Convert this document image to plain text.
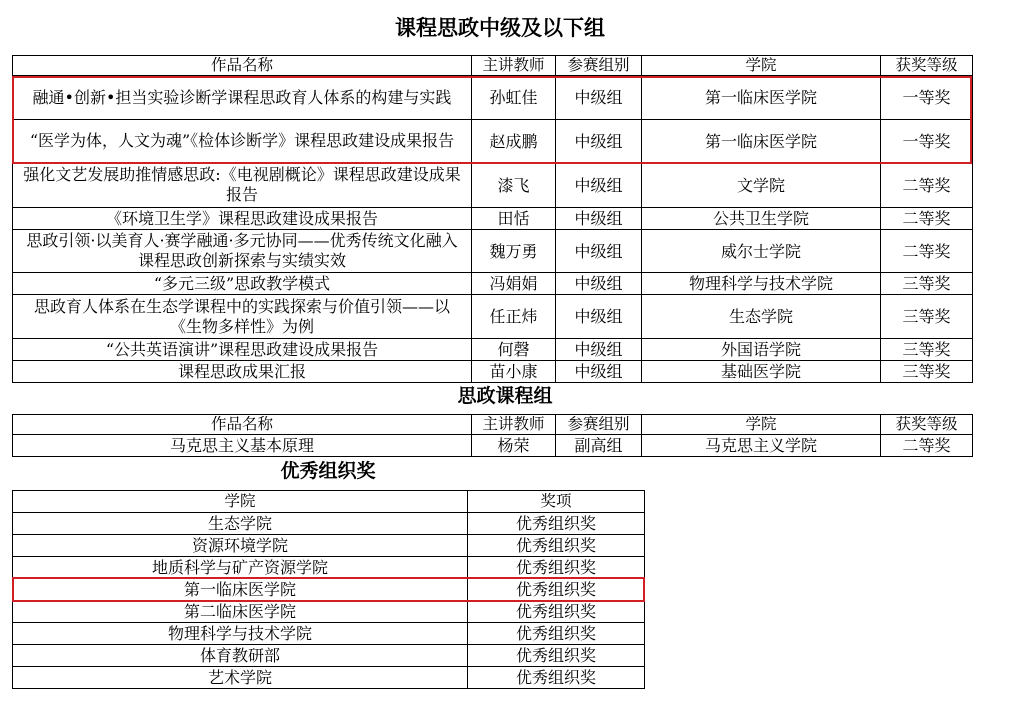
课程思政中级及以下组
作品名称	主讲教师	参赛组别	学院	获奖等级
融通•创新•担当实验诊断学课程思政育人体系的构建与实践	孙虹佳	中级组	第一临床医学院	一等奖
“医学为体，人文为魂”《检体诊断学》课程思政建设成果报告	赵成鹏	中级组	第一临床医学院	一等奖
强化文艺发展助推情感思政:《电视剧概论》课程思政建设成果报告	漆飞	中级组	文学院	二等奖
《环境卫生学》课程思政建设成果报告	田恬	中级组	公共卫生学院	二等奖
思政引领·以美育人·赛学融通·多元协同——优秀传统文化融入课程思政创新探索与实绩实效	魏万勇	中级组	威尔士学院	二等奖
“多元三级”思政教学模式	冯娟娟	中级组	物理科学与技术学院	三等奖
思政育人体系在生态学课程中的实践探索与价值引领——以《生物多样性》为例	任正炜	中级组	生态学院	三等奖
“公共英语演讲”课程思政建设成果报告	何磬	中级组	外国语学院	三等奖
课程思政成果汇报	苗小康	中级组	基础医学院	三等奖
思政课程组
作品名称	主讲教师	参赛组别	学院	获奖等级
马克思主义基本原理	杨荣	副高组	马克思主义学院	二等奖
优秀组织奖
学院	奖项
生态学院	优秀组织奖
资源环境学院	优秀组织奖
地质科学与矿产资源学院	优秀组织奖
第一临床医学院	优秀组织奖
第二临床医学院	优秀组织奖
物理科学与技术学院	优秀组织奖
体育教研部	优秀组织奖
艺术学院	优秀组织奖
